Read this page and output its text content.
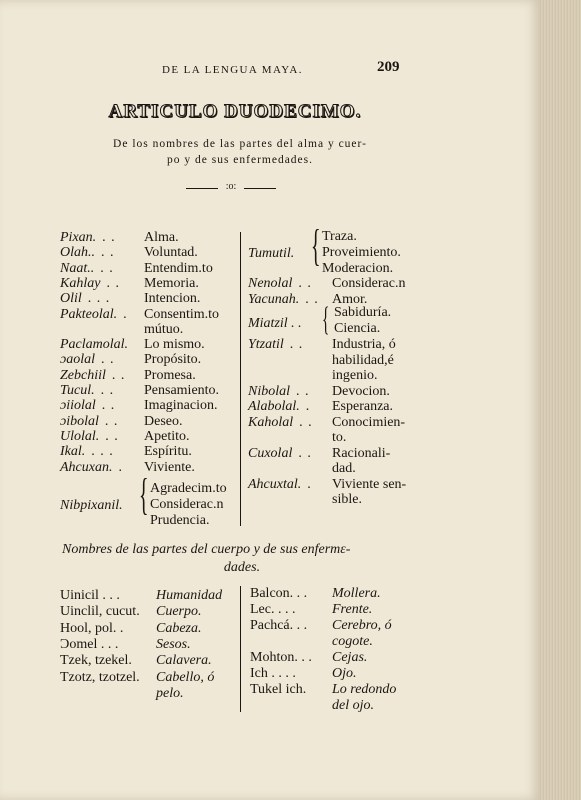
DE LA LENGUA MAYA.	209
ARTICULO DUODECIMO.
De los nombres de las partes del alma y cuer-
po y de sus enfermedades.
:o:
Pixan. . . Alma.
Olah.. . . Voluntad.
Naat.. . . Entendim.to
Kahlay . . Memoria.
Olil . . . Intencion.
Pakteolal. . Consentim.to
mútuo.
Paclamolal. Lo mismo.
ɔaolal . . Propósito.
Zebchiil . . Promesa.
Tucul. . . Pensamiento.
ɔiiolal . . Imaginacion.
ɔibolal . . Deseo.
Ulolal. . . Apetito.
Ikal. . . . Espíritu.
Ahcuxan. . Viviente.
Nibpixanil. { Agradecim.to
Considerac.n
Prudencia.
Tumutil. { Traza.
Proveimiento.
Moderacion.
Nenolal . . Considerac.n
Yacunah. . . Amor.
Miatzil . . { Sabiduría.
Ciencia.
Ytzatil . . Industria, ó
habilidad,é
ingenio.
Nibolal . . Devocion.
Alabolal. . Esperanza.
Kaholal . . Conocimien-
to.
Cuxolal . . Racionali-
dad.
Ahcuxtal. . Viviente sen-
sible.
Nombres de las partes del cuerpo y de sus enfermε-
dades.
Uinicil . . .	Humanidad
Uinclil, cucut. Cuerpo.
Hool, pol. . Cabeza.
Ɔomel . . .	Sesos.
Tzek, tzekel. Calavera.
Tzotz, tzotzel. Cabello, ó
pelo.
Balcon. . . Mollera.
Lec. . . .	Frente.
Pachcá. . . Cerebro, ó
cogote.
Mohton. . . Cejas.
Ich . . . .	Ojo.
Tukel ich. Lo redondo
del ojo.
